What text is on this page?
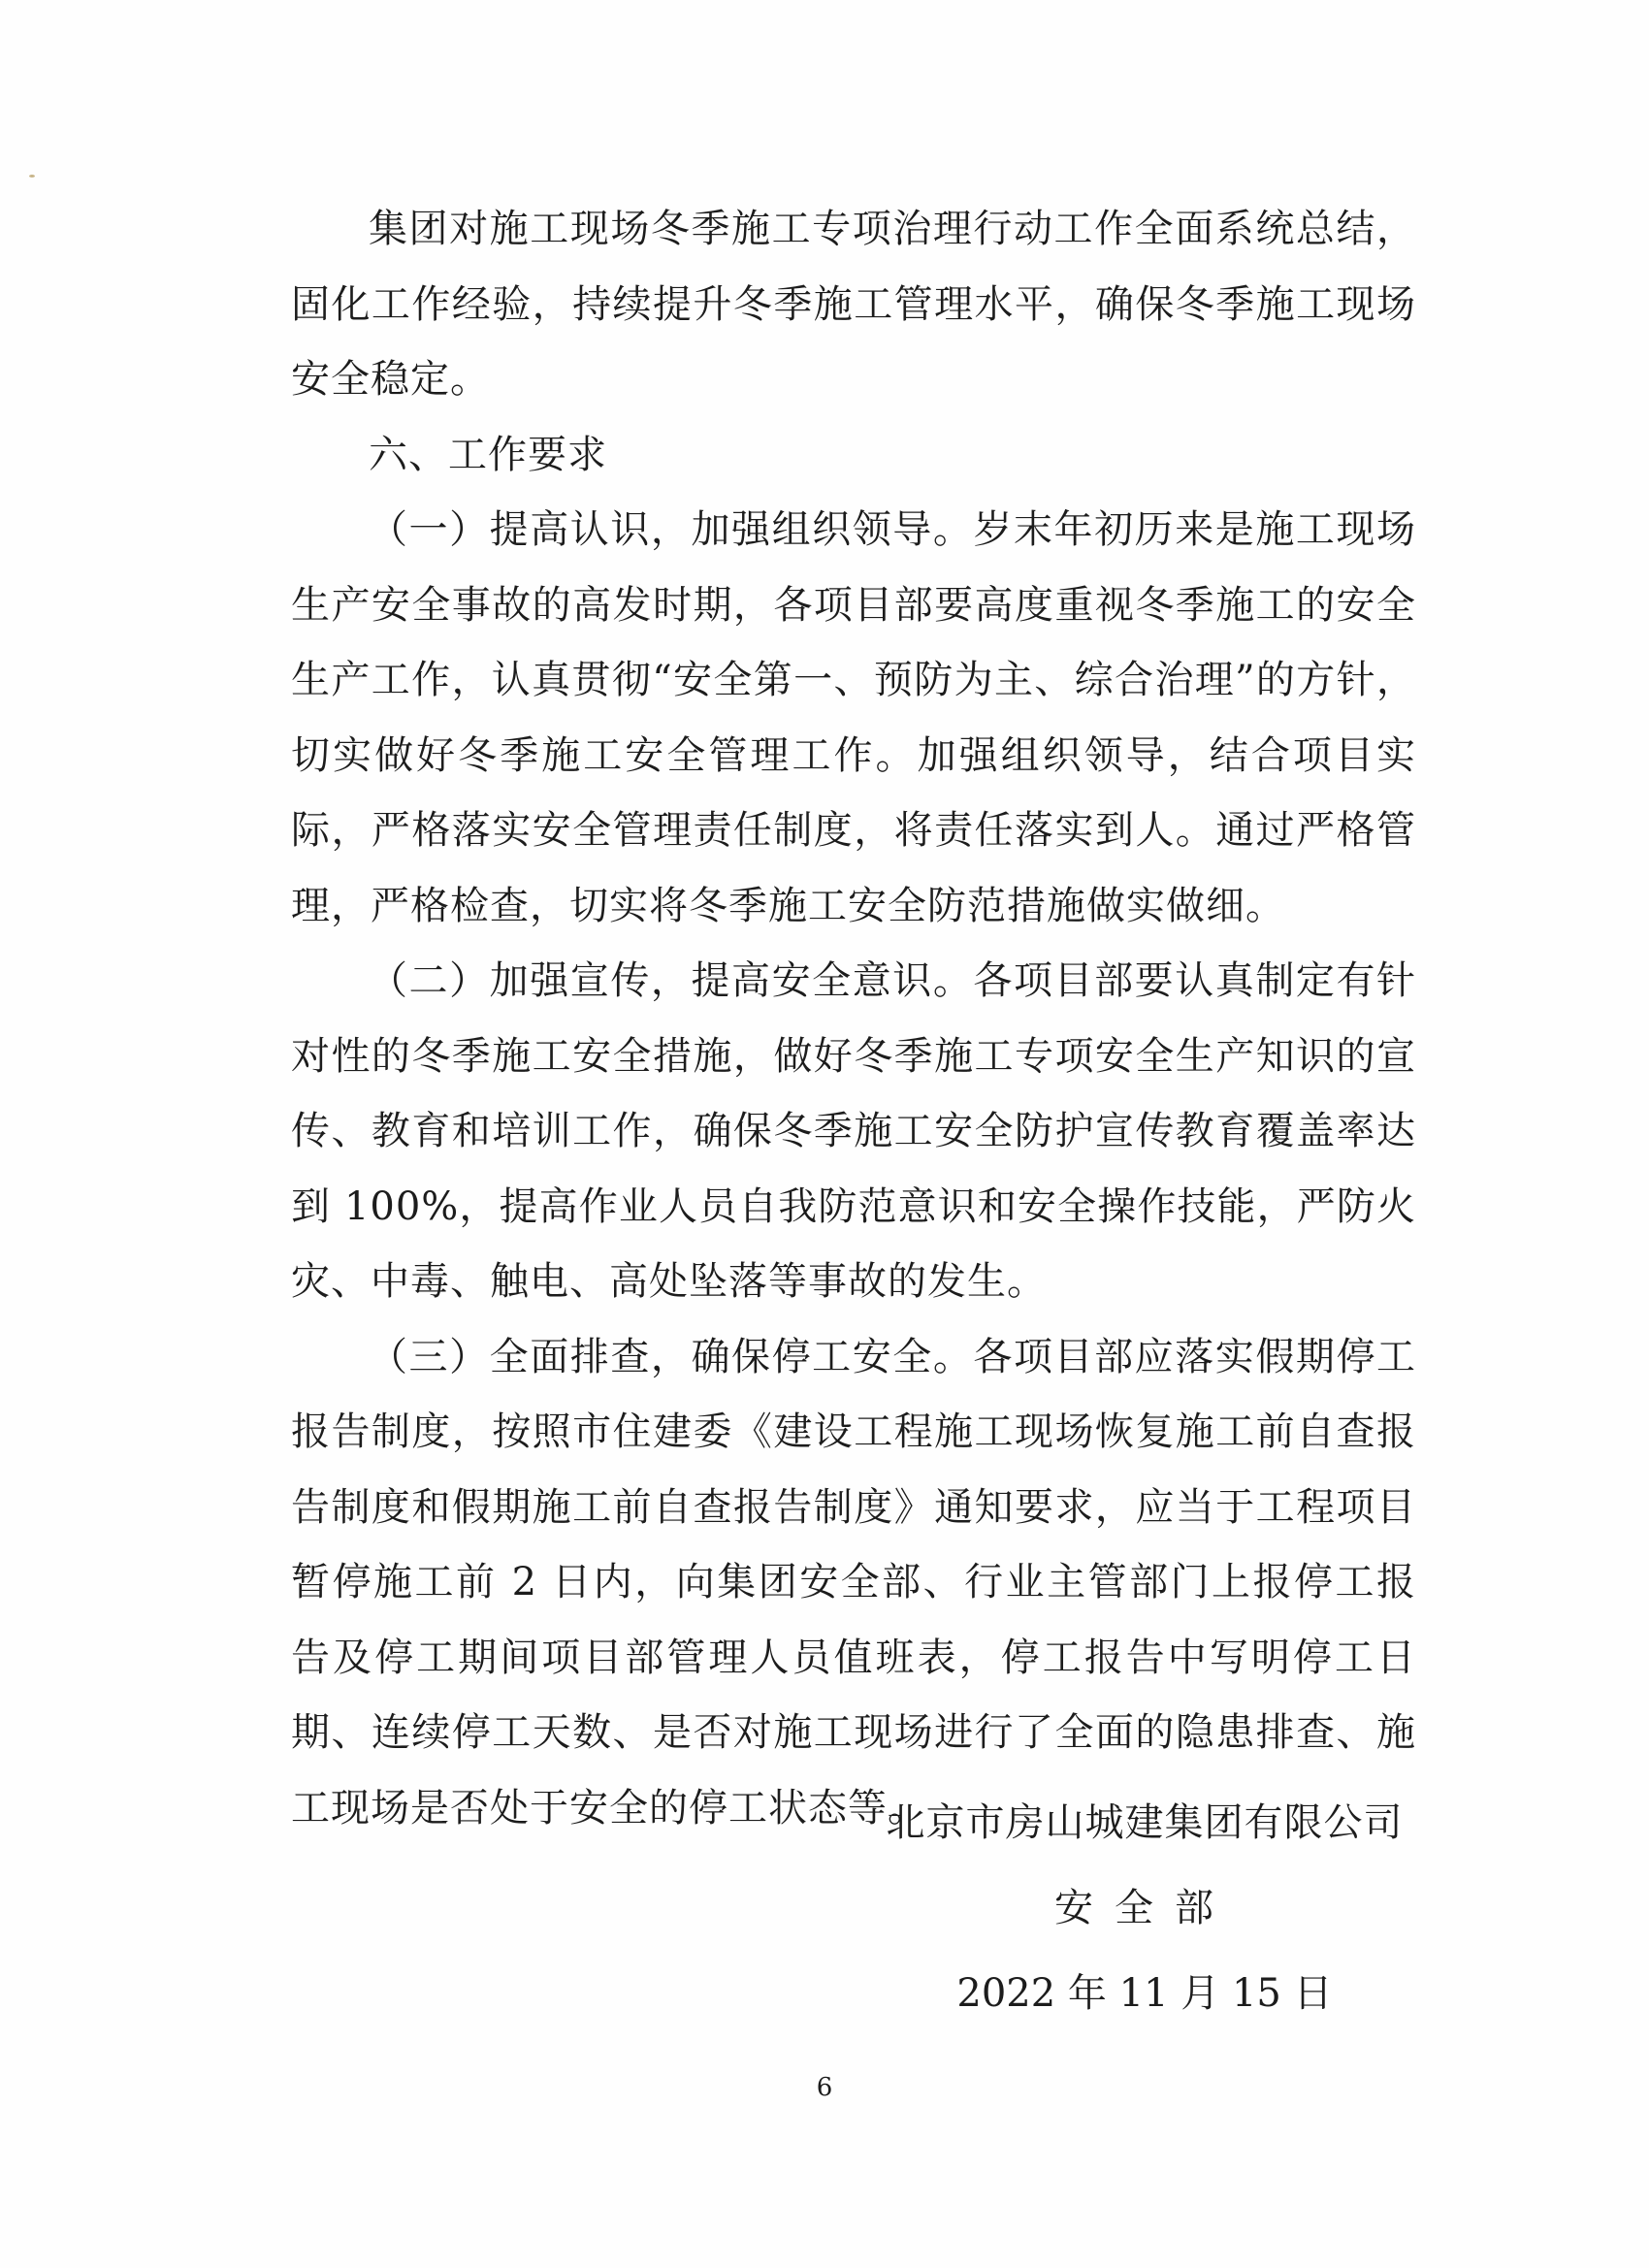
集团对施工现场冬季施工专项治理行动工作全面系统总结，固化工作经验，持续提升冬季施工管理水平，确保冬季施工现场安全稳定。

六、工作要求

（一）提高认识，加强组织领导。岁末年初历来是施工现场生产安全事故的高发时期，各项目部要高度重视冬季施工的安全生产工作，认真贯彻“安全第一、预防为主、综合治理”的方针，切实做好冬季施工安全管理工作。加强组织领导，结合项目实际，严格落实安全管理责任制度，将责任落实到人。通过严格管理，严格检查，切实将冬季施工安全防范措施做实做细。

（二）加强宣传，提高安全意识。各项目部要认真制定有针对性的冬季施工安全措施，做好冬季施工专项安全生产知识的宣传、教育和培训工作，确保冬季施工安全防护宣传教育覆盖率达到 100%，提高作业人员自我防范意识和安全操作技能，严防火灾、中毒、触电、高处坠落等事故的发生。

（三）全面排查，确保停工安全。各项目部应落实假期停工报告制度，按照市住建委《建设工程施工现场恢复施工前自查报告制度和假期施工前自查报告制度》通知要求，应当于工程项目暂停施工前 2 日内，向集团安全部、行业主管部门上报停工报告及停工期间项目部管理人员值班表，停工报告中写明停工日期、连续停工天数、是否对施工现场进行了全面的隐患排查、施工现场是否处于安全的停工状态等。

北京市房山城建集团有限公司
安全部
2022 年 11 月 15 日
6
